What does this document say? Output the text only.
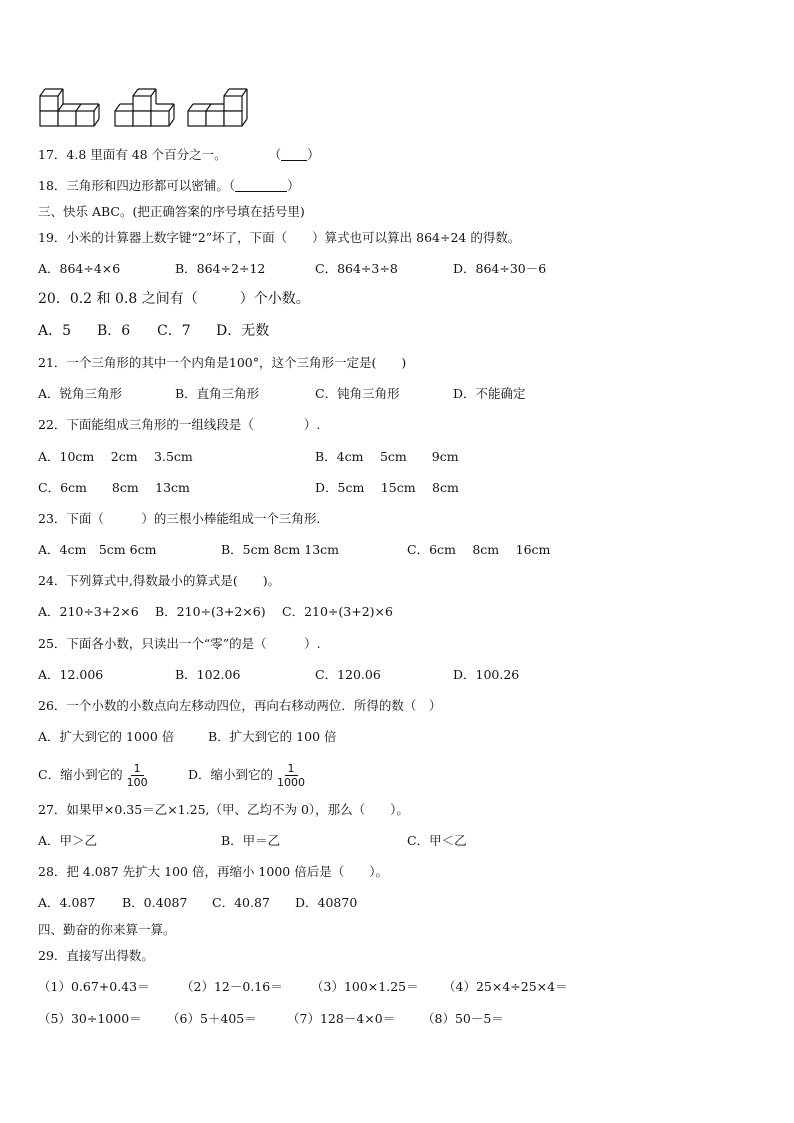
17．4.8 里面有 48 个百分之一。	（ ）
18．三角形和四边形都可以密铺。（	）
三、快乐 ABC。(把正确答案的序号填在括号里)
19．小米的计算器上数字键“2”坏了，下面（　　）算式也可以算出 864÷24 的得数。
A．864÷4×6	B．864÷2÷12	C．864÷3÷8	D．864÷30－6
20．0.2 和 0.8 之间有（　　　）个小数。
A．5 B．6 C．7 D．无数
21．一个三角形的其中一个内角是100°，这个三角形一定是(　　)
A．锐角三角形	B．直角三角形	C．钝角三角形	D．不能确定
22．下面能组成三角形的一组线段是（　　　　）.
A．10cm　 2cm　 3.5cm	B．4cm　 5cm　　9cm
C．6cm　　8cm　 13cm	D．5cm　 15cm　 8cm
23．下面（　　　）的三根小棒能组成一个三角形.
A．4cm　5cm 6cm	B．5cm 8cm 13cm	C．6cm　 8cm　 16cm
24．下列算式中,得数最小的算式是(　　)。
A．210÷3+2×6 B．210÷(3+2×6) C．210÷(3+2)×6
25．下面各小数，只读出一个“零”的是（　　　）.
A．12.006	B．102.06	C．120.06	D．100.26
26．一个小数的小数点向左移动四位，再向右移动两位．所得的数（　）
A．扩大到它的 1000 倍	B．扩大到它的 100 倍
C．缩小到它的 $\frac{1}{100}$	D．缩小到它的 $\frac{1}{1000}$
27．如果甲×0.35＝乙×1.25,（甲、乙均不为 0），那么（　　）。
A．甲＞乙	B．甲＝乙	C．甲＜乙
28．把 4.087 先扩大 100 倍，再缩小 1000 倍后是（　　）。
A．4.087 B．0.4087 C．40.87 D．40870
四、勤奋的你来算一算。
29．直接写出得数。
（1）0.67+0.43＝	（2）12－0.16＝ （3）100×1.25＝ （4）25×4÷25×4＝
（5）30÷1000＝ （6）5＋405＝ （7）128－4×0＝ （8）50－5＝
